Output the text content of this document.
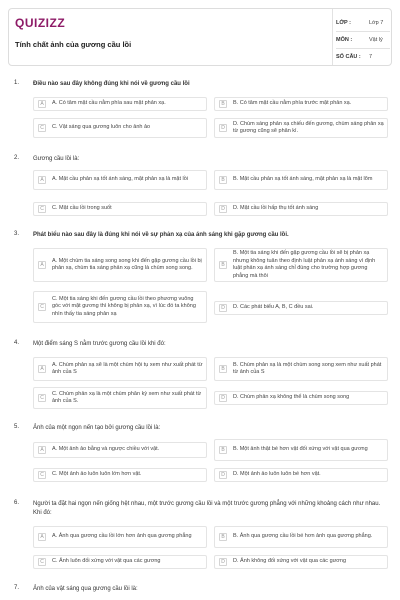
QUIZIZZ
Tính chất ảnh của gương cầu lồi
LỚP :	Lớp 7
MÔN :	Vật lý
SỐ CÂU : 7
1. Điều nào sau đây không đúng khi nói về gương cầu lồi
A	A. Có tâm mặt cầu nằm phía sau mặt phản xạ.	B	B. Có tâm mặt cầu nằm phía trước mặt phản xạ.
C	C. Vật sáng qua gương luôn cho ảnh ảo	D
D. Chùm sáng phản xạ chiếu đến gương, chùm sáng phản xạ từ gương cũng sẽ phân kì.
2. Gương cầu lồi là:
A	A. Mặt cầu phản xạ tốt ánh sáng, mặt phản xạ là mặt lồi	B	B. Mặt cầu phản xạ tốt ánh sáng, mặt phản xạ là mặt lõm
C	C. Mặt cầu lồi trong suốt	D	D. Mặt cầu lồi hấp thụ tốt ánh sáng
3. Phát biểu nào sau đây là đúng khi nói về sự phản xạ của ánh sáng khi gặp gương cầu lồi.
A
A. Một chùm tia sáng song song khi đến gặp gương cầu lồi bị phản xạ, chùm tia sáng phản xạ cũng là chùm song song.	B
B. Một tia sáng khi đến gặp gương cầu lồi sẽ bị phản xạ nhưng không tuân theo định luật phản xạ ánh sáng vì định luật phản xạ ánh sáng chỉ đúng cho trường hợp gương phẳng mà thôi
C
C. Một tia sáng khi đến gương cầu lồi theo phương vuông góc với mặt gương thì không bị phản xạ, vì lúc đó ta không nhìn thấy tia sáng phản xạ
D	D. Các phát biểu A, B, C đều sai.
4. Một điểm sáng S nằm trước gương cầu lồi khi đó:
A
A. Chùm phản xạ sẽ là một chùm hội tụ xem như xuất phát từ ảnh của S	B
B. Chùm phản xạ là một chùm song song xem như xuất phát từ ảnh của S
C
C. Chùm phản xạ là một chùm phân kỳ xem như xuất phát từ ảnh của S.	D	D. Chùm phản xạ không thể là chùm song song
5. Ảnh của một ngọn nến tạo bởi gương cầu lồi là:
A	A. Một ảnh ảo bằng và ngược chiều với vật.	B	B. Một ảnh thật bé hơn vật đối xứng với vật qua gương
C	C. Một ảnh ảo luôn luôn lớn hơn vật.	D	D. Một ảnh ảo luôn luôn bé hơn vật.
6. Người ta đặt hai ngọn nến giống hệt nhau, một trước gương cầu lồi và một trước gương phẳng với những khoảng cách như nhau. Khi đó:
A	A. Ảnh qua gương cầu lồi lớn hơn ảnh qua gương phẳng	B	B. Ảnh qua gương cầu lồi bé hơn ảnh qua gương phẳng.
C	C. Ảnh luôn đối xứng với vật qua các gương	D	D. Ảnh không đối xứng với vật qua các gương
7. Ảnh của vật sáng qua gương cầu lồi là:
